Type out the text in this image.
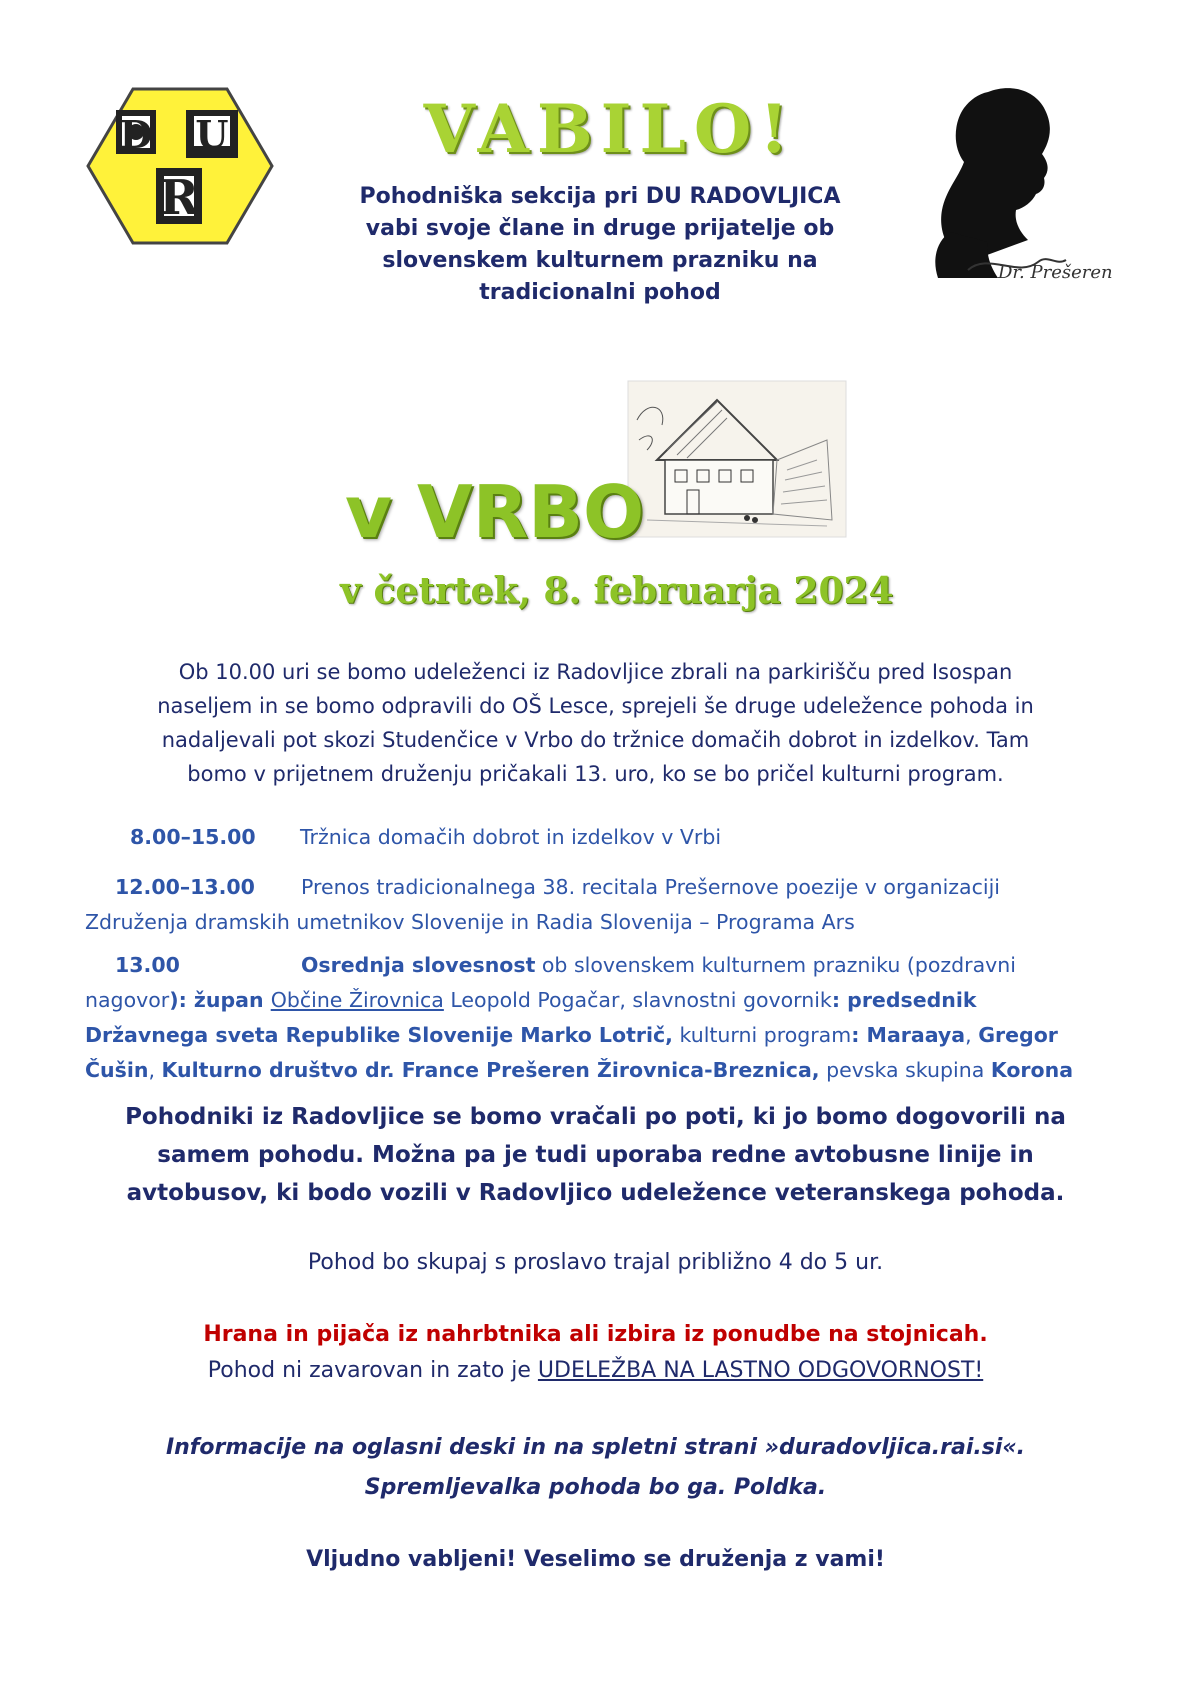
R
D U	VABILO!
Dr. Prešeren
Pohodniška sekcija pri DU RADOVLJICA
vabi svoje člane in druge prijatelje ob
slovenskem kulturnem prazniku na
tradicionalni pohod
v VRBO
v četrtek, 8. februarja 2024
Ob 10.00 uri se bomo udeleženci iz Radovljice zbrali na parkirišču pred Isospan
naseljem in se bomo odpravili do OŠ Lesce, sprejeli še druge udeležence pohoda in
nadaljevali pot skozi Studenčice v Vrbo do tržnice domačih dobrot in izdelkov. Tam
bomo v prijetnem druženju pričakali 13. uro, ko se bo pričel kulturni program.
8.00–15.00 Tržnica domačih dobrot in izdelkov v Vrbi
12.00–13.00 Prenos tradicionalnega 38. recitala Prešernove poezije v organizaciji
Združenja dramskih umetnikov Slovenije in Radia Slovenija – Programa Ars
13.00	Osrednja slovesnost ob slovenskem kulturnem prazniku (pozdravni
nagovor): župan Občine Žirovnica Leopold Pogačar, slavnostni govornik: predsednik
Državnega sveta Republike Slovenije Marko Lotrič, kulturni program: Maraaya, Gregor
Čušin, Kulturno društvo dr. France Prešeren Žirovnica-Breznica, pevska skupina Korona
Pohodniki iz Radovljice se bomo vračali po poti, ki jo bomo dogovorili na
samem pohodu. Možna pa je tudi uporaba redne avtobusne linije in
avtobusov, ki bodo vozili v Radovljico udeležence veteranskega pohoda.
Pohod bo skupaj s proslavo trajal približno 4 do 5 ur.
Hrana in pijača iz nahrbtnika ali izbira iz ponudbe na stojnicah.
Pohod ni zavarovan in zato je UDELEŽBA NA LASTNO ODGOVORNOST!
Informacije na oglasni deski in na spletni strani »duradovljica.rai.si«.
Spremljevalka pohoda bo ga. Poldka.
Vljudno vabljeni! Veselimo se druženja z vami!
